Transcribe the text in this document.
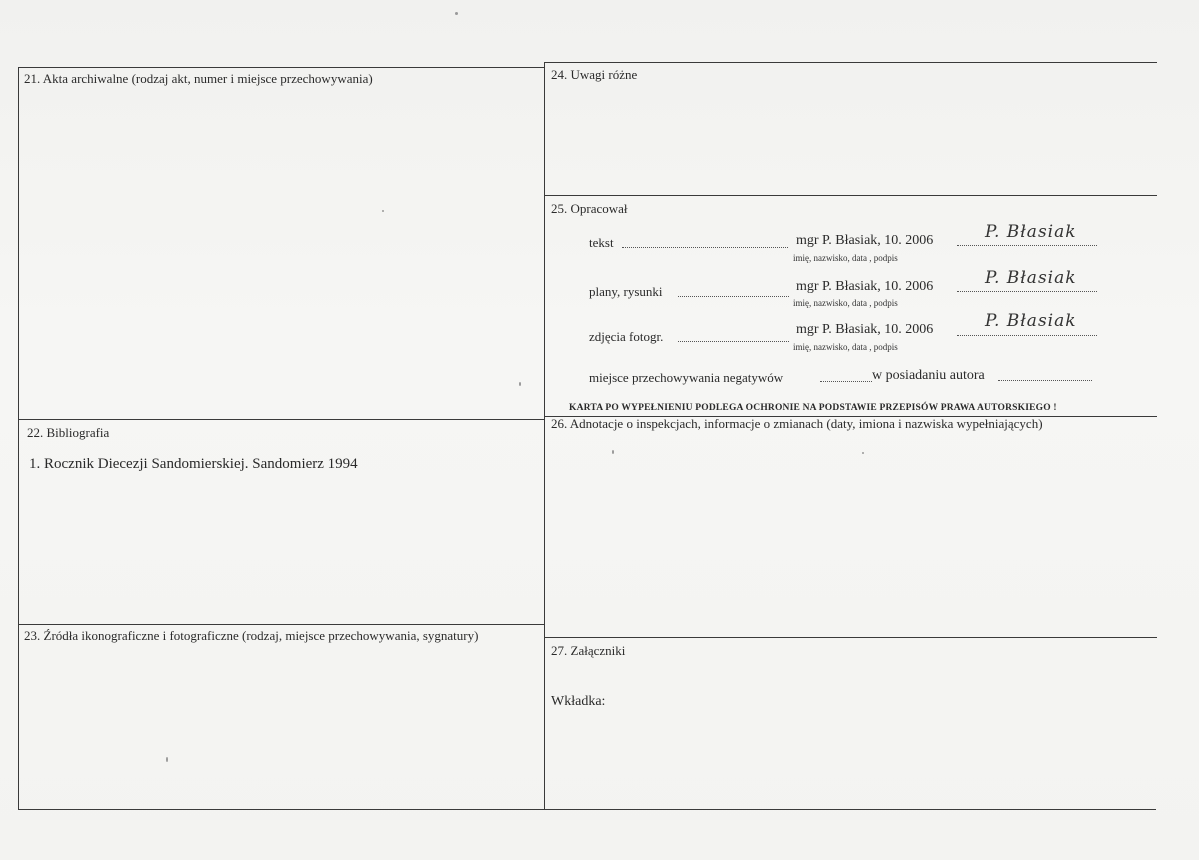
21. Akta archiwalne (rodzaj akt, numer i miejsce przechowywania)
22. Bibliografia
1. Rocznik Diecezji Sandomierskiej. Sandomierz 1994
23. Źródła ikonograficzne i fotograficzne (rodzaj, miejsce przechowywania, sygnatury)
24. Uwagi różne
25. Opracował
tekst	mgr P. Błasiak, 10. 2006	P. Błasiak
imię, nazwisko, data , podpis
plany, rysunki	mgr P. Błasiak, 10. 2006	P. Błasiak
imię, nazwisko, data , podpis
zdjęcia fotogr.	mgr P. Błasiak, 10. 2006	P. Błasiak
imię, nazwisko, data , podpis
miejsce przechowywania negatywów	w posiadaniu autora
KARTA PO WYPEŁNIENIU PODLEGA OCHRONIE NA PODSTAWIE PRZEPISÓW PRAWA AUTORSKIEGO !
26. Adnotacje o inspekcjach, informacje o zmianach (daty, imiona i nazwiska wypełniających)
27. Załączniki
Wkładka:
